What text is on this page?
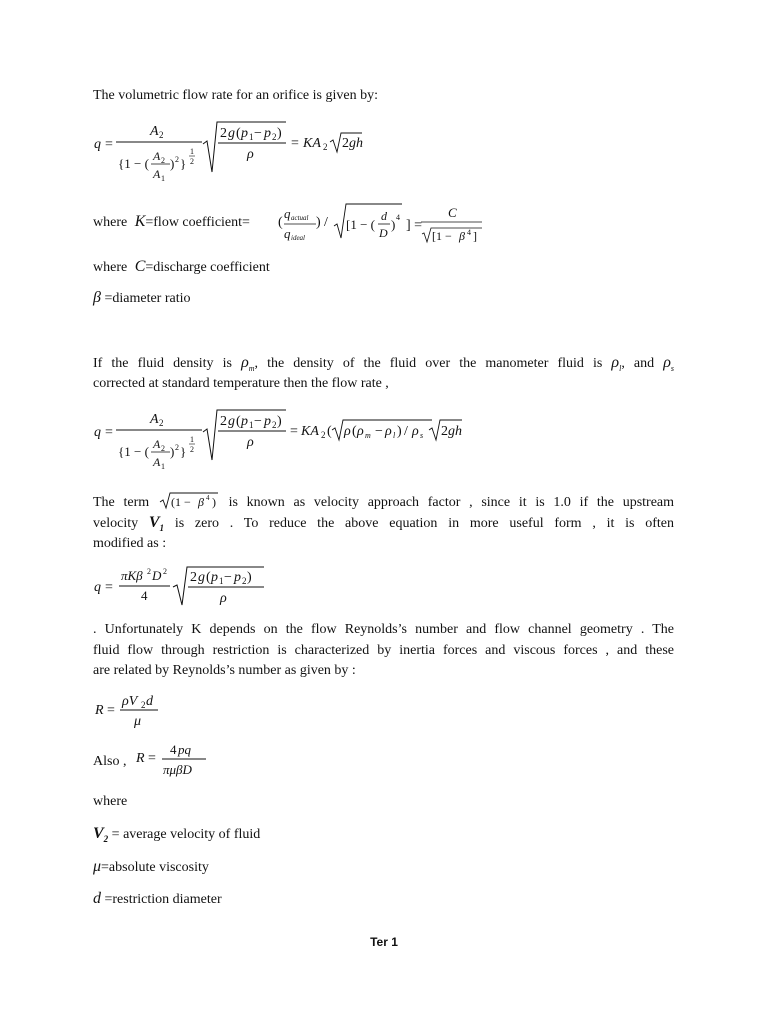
The volumetric flow rate for an orifice is given by:
q =
A 2
{1 − ( A 2
A 1
) 2 }
1
2
2 g ( p 1 − p 2 )
ρ
= KA 2 2 gh
where K=flow coefficient= (
q actual
q ideal
) / [1 − (
d
D
) 4
] =
C
[1 − β 4 ]
where C=discharge coefficient
β =diameter ratio
If the fluid density is $\rho_m$, the density of the fluid over the manometer fluid is $\rho_l$, and $\rho_s$
corrected at standard temperature then the flow rate ,
q =
A 2
{1 − ( A 2
A 1
) 2 }
1
2
2 g ( p 1 − p 2 )
ρ
= KA 2 ( ρ ( ρ m − ρ l ) / ρ s 2 gh
The term (1 − β 4 ) is known as velocity approach factor , since it is 1.0 if the upstream
velocity $V_1$ is zero . To reduce the above equation in more useful form , it is often
modified as :
q =
πKβ 2 D 2
4
2 g ( p 1 − p 2 )
ρ
. Unfortunately K depends on the flow Reynolds’s number and flow channel geometry . The
fluid flow through restriction is characterized by inertia forces and viscous forces , and these
are related by Reynolds’s number as given by :
R =
ρV 2 d
μ
Also , R =
4 pq
πμβD
where
$V_2$ = average velocity of fluid
μ=absolute viscosity
d =restriction diameter
Ter 1
